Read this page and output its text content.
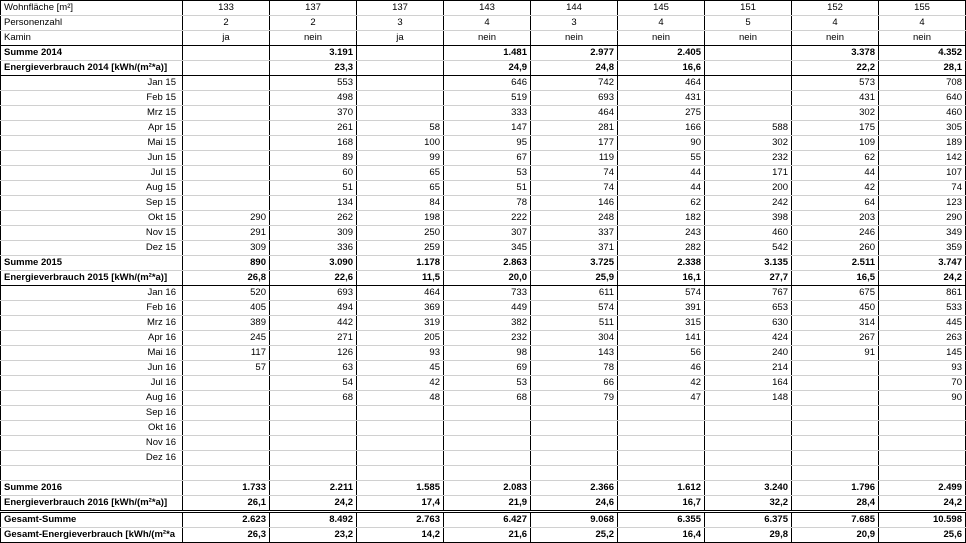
Wohnfläche [m²]	133	137	137	143	144	145	151	152	155
Personenzahl	2	2	3	4	3	4	5	4	4
Kamin	ja	nein	ja	nein	nein	nein	nein	nein	nein
Summe 2014		3.191		1.481	2.977	2.405		3.378	4.352
Energieverbrauch 2014 [kWh/(m²*a)]		23,3		24,9	24,8	16,6		22,2	28,1
Jan 15		553		646	742	464		573	708
Feb 15		498		519	693	431		431	640
Mrz 15		370		333	464	275		302	460
Apr 15		261	58	147	281	166	588	175	305
Mai 15		168	100	95	177	90	302	109	189
Jun 15		89	99	67	119	55	232	62	142
Jul 15		60	65	53	74	44	171	44	107
Aug 15		51	65	51	74	44	200	42	74
Sep 15		134	84	78	146	62	242	64	123
Okt 15	290	262	198	222	248	182	398	203	290
Nov 15	291	309	250	307	337	243	460	246	349
Dez 15	309	336	259	345	371	282	542	260	359
Summe 2015	890	3.090	1.178	2.863	3.725	2.338	3.135	2.511	3.747
Energieverbrauch 2015 [kWh/(m²*a)]	26,8	22,6	11,5	20,0	25,9	16,1	27,7	16,5	24,2
Jan 16	520	693	464	733	611	574	767	675	861
Feb 16	405	494	369	449	574	391	653	450	533
Mrz 16	389	442	319	382	511	315	630	314	445
Apr 16	245	271	205	232	304	141	424	267	263
Mai 16	117	126	93	98	143	56	240	91	145
Jun 16	57	63	45	69	78	46	214		93
Jul 16		54	42	53	66	42	164		70
Aug 16		68	48	68	79	47	148		90
Sep 16									
Okt 16									
Nov 16									
Dez 16									

Summe 2016	1.733	2.211	1.585	2.083	2.366	1.612	3.240	1.796	2.499
Energieverbrauch 2016 [kWh/(m²*a)]	26,1	24,2	17,4	21,9	24,6	16,7	32,2	28,4	24,2
Gesamt-Summe	2.623	8.492	2.763	6.427	9.068	6.355	6.375	7.685	10.598
Gesamt-Energieverbrauch [kWh/(m²*a	26,3	23,2	14,2	21,6	25,2	16,4	29,8	20,9	25,6
